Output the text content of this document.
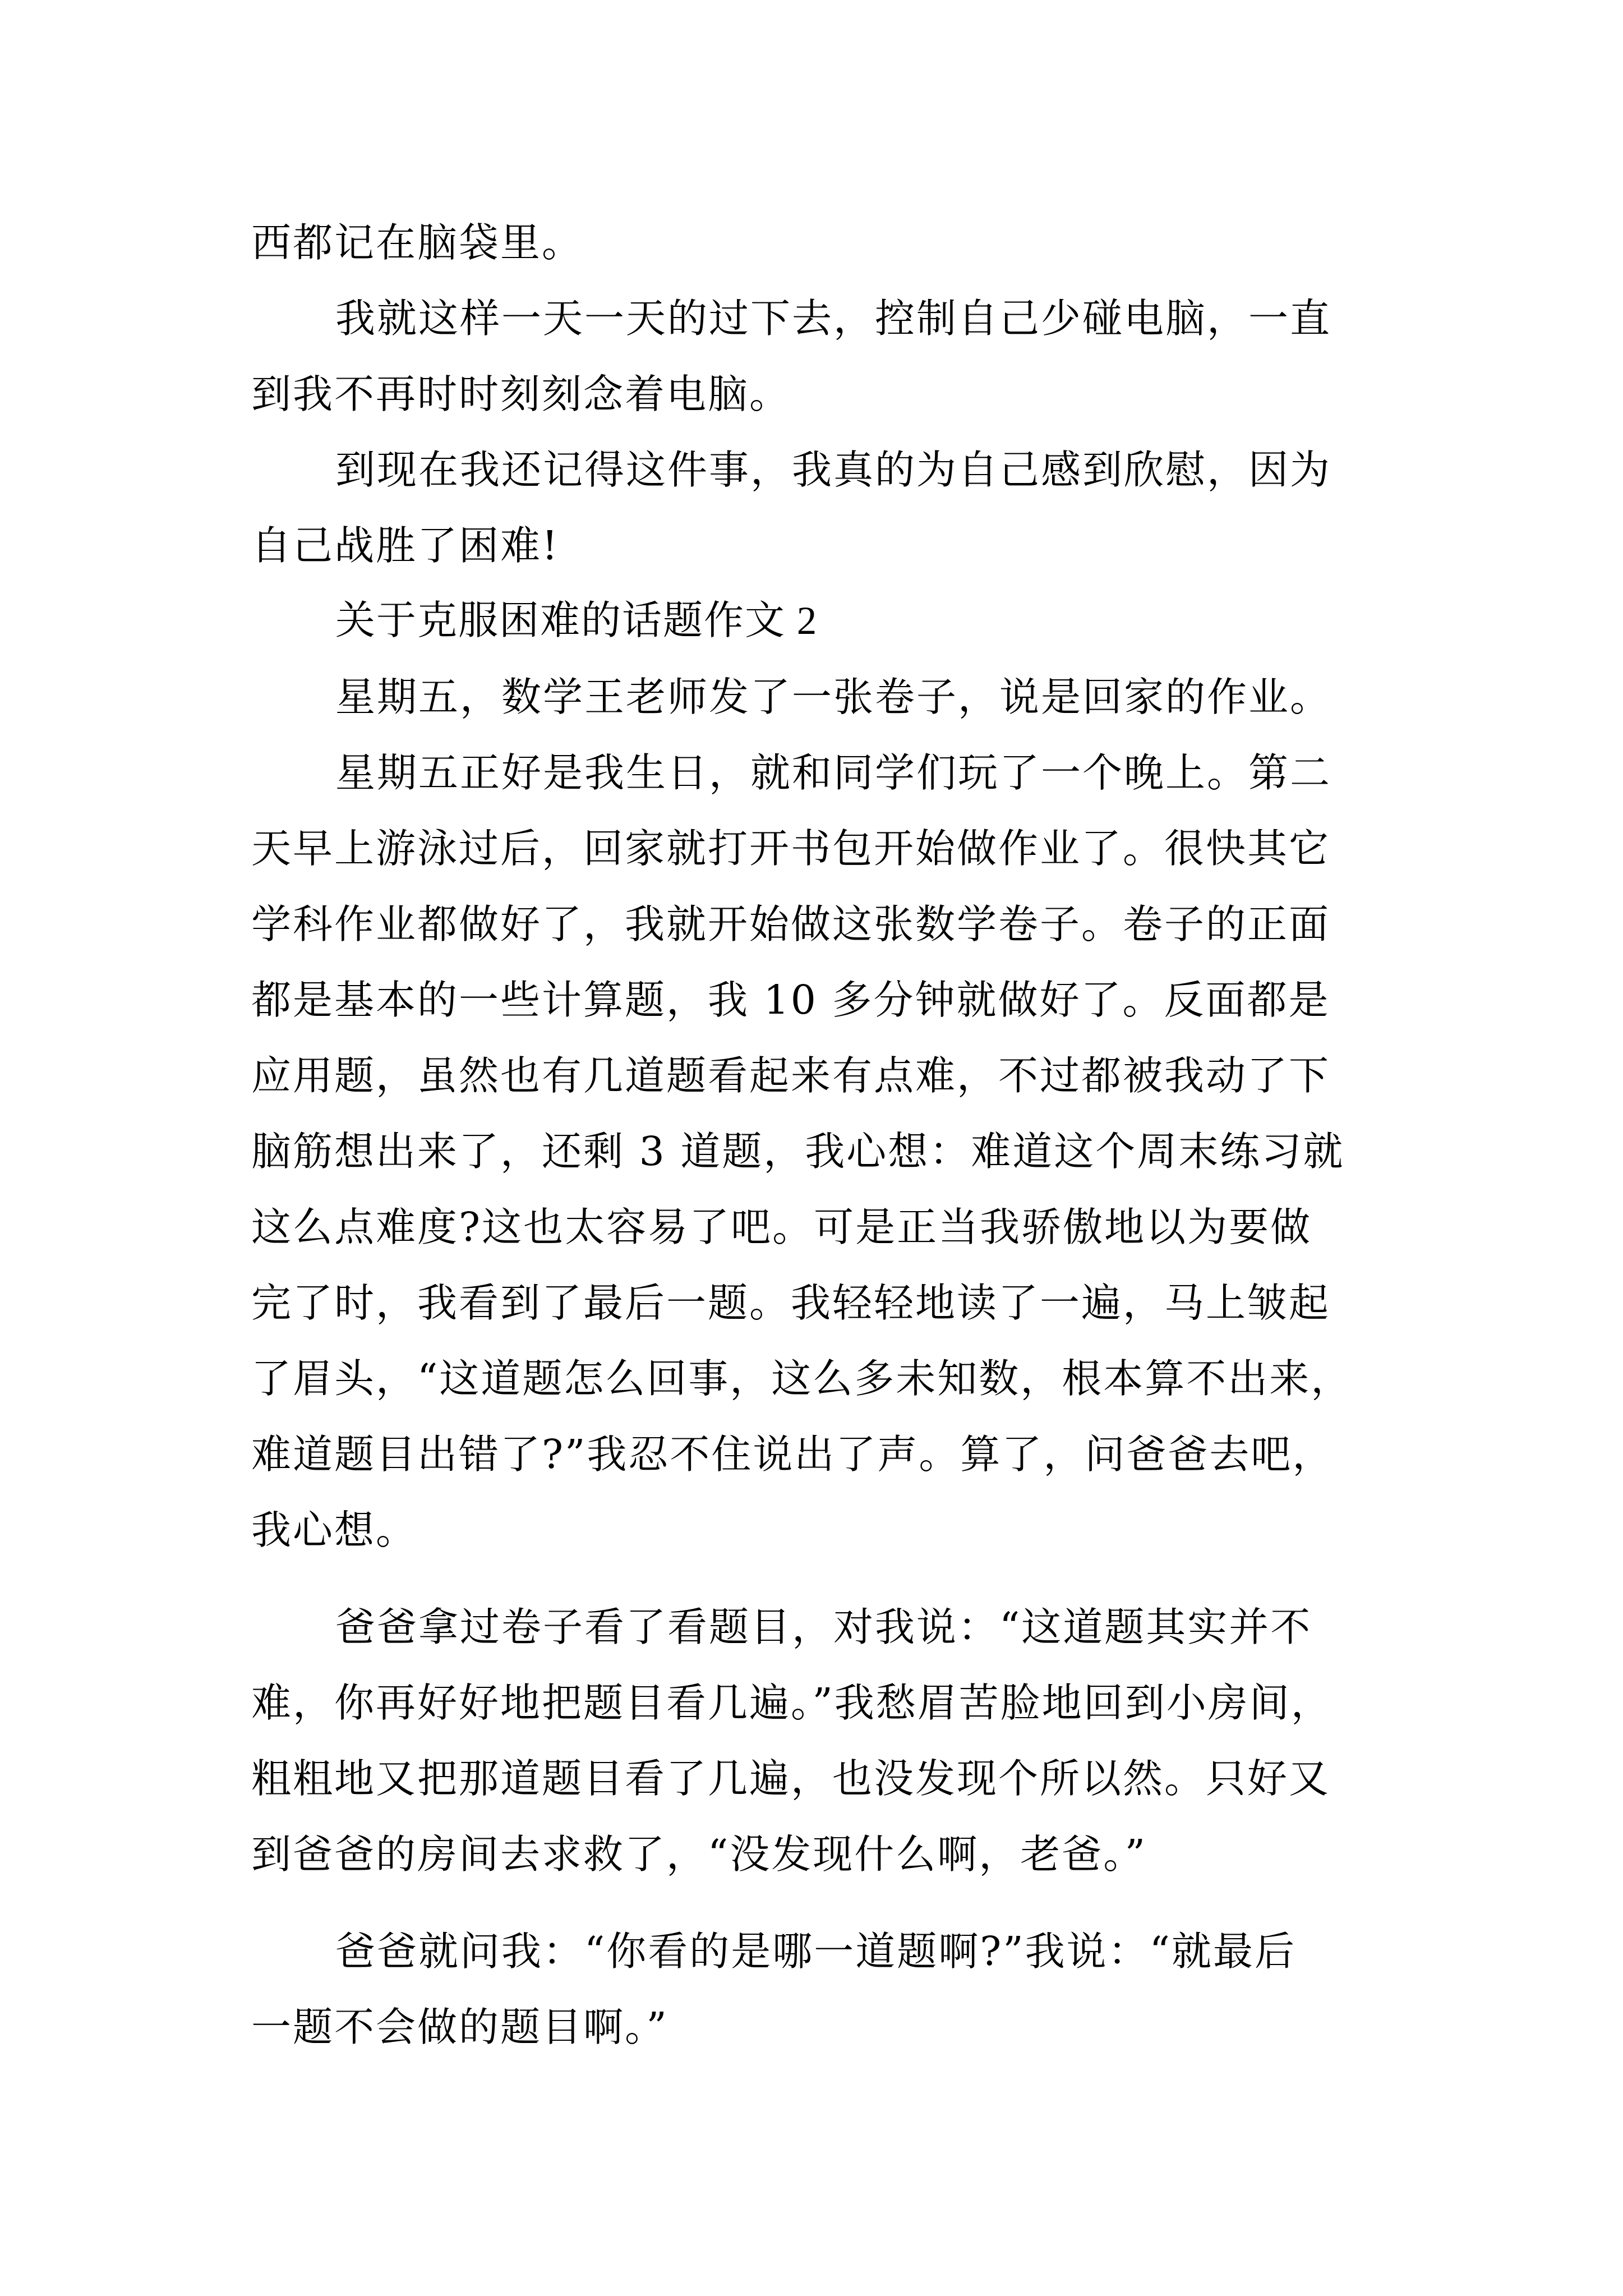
西都记在脑袋里。

我就这样一天一天的过下去，控制自己少碰电脑，一直
到我不再时时刻刻念着电脑。

到现在我还记得这件事，我真的为自己感到欣慰，因为
自己战胜了困难!

关于克服困难的话题作文 2

星期五，数学王老师发了一张卷子，说是回家的作业。

星期五正好是我生日，就和同学们玩了一个晚上。第二
天早上游泳过后，回家就打开书包开始做作业了。很快其它
学科作业都做好了，我就开始做这张数学卷子。卷子的正面
都是基本的一些计算题，我 10 多分钟就做好了。反面都是
应用题，虽然也有几道题看起来有点难，不过都被我动了下
脑筋想出来了，还剩 3 道题，我心想：难道这个周末练习就
这么点难度?这也太容易了吧。可是正当我骄傲地以为要做
完了时，我看到了最后一题。我轻轻地读了一遍，马上皱起
了眉头，“这道题怎么回事，这么多未知数，根本算不出来，
难道题目出错了?”我忍不住说出了声。算了，问爸爸去吧，
我心想。

爸爸拿过卷子看了看题目，对我说：“这道题其实并不
难，你再好好地把题目看几遍。”我愁眉苦脸地回到小房间，
粗粗地又把那道题目看了几遍，也没发现个所以然。只好又
到爸爸的房间去求救了，“没发现什么啊，老爸。”

爸爸就问我：“你看的是哪一道题啊?”我说：“就最后
一题不会做的题目啊。”
